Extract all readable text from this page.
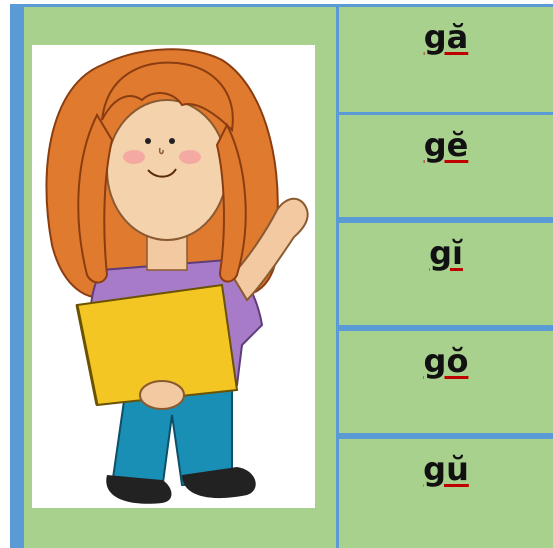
gă
gĕ
gĭ
gŏ
gŭ
